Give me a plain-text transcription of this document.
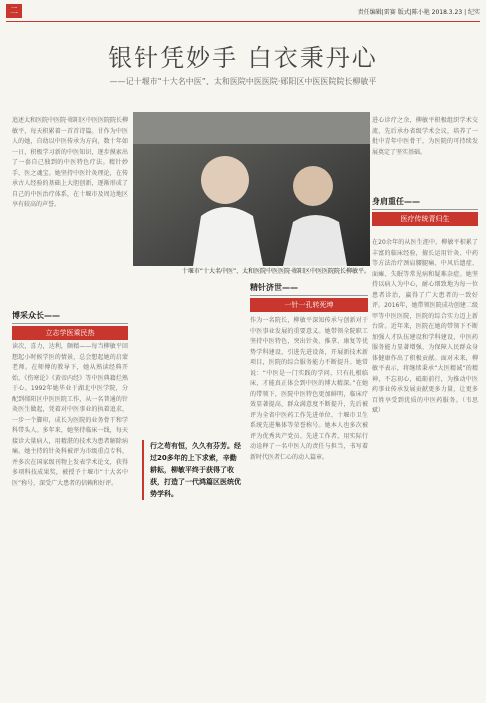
二	责任编辑|雷赛 版式|陈小艳 2018.3.23 | 纪实
银针凭妙手 白衣秉丹心
——记十堰市“十大名中医”、太和医院中医医院·郧阳区中医医院院长柳敏平
追述太和医院中医院·郧阳区中医医院院长柳敏平，每天积累着一首首诗篇。甘作为中医人的她，自幼以中医传承为方向，数十年如一日，积极学习新的中医知识，逐步摸索出了一套自己独到的中医特色疗法。精针妙手，医之魂宝。她坚持中医针灸理论，在传承古人经验的基础上大胆创新，逐渐形成了自己的中医治疗体系，在十堰市及周边地区享有较高的声誉。
十堰市“十大名中医”、太和医院中医医院·郧阳区中医医院院长柳敏平。
博采众长——
立志学医乘民热
读次，喜力，达利，颇精——每当柳敏平回想起小时候学医的情景，总会想起她的启蒙老师。在师傅的教导下，她从熟读经典开始，《伤寒论》《黄帝内经》等中医典籍烂熟于心。1992年她毕业于湖北中医学院，分配到郧阳区中医医院工作，从一名普通的针灸医生做起，凭着对中医事业的执着追求，一步一个脚印，成长为医院的业务骨干和学科带头人。多年来，她坚持临床一线，每天接诊大量病人，用精湛的技术为患者解除病痛。她主持的针灸科被评为市级重点专科，并多次在国家级刊物上发表学术论文，获得多项科技成果奖，被授予十堰市“十大名中医”称号，深受广大患者的信赖和好评。
行之苟有恒，久久有芬芳。经过20多年的上下求索，辛勤耕耘，柳敏平终于获得了收获，打造了一代鸿篇区医统优势学科。
精针济世——
一针一孔转死坤
作为一名院长，柳敏平深知传承与创新对于中医事业发展的重要意义。她带领全院职工坚持中医特色，突出针灸、推拿、康复等优势学科建设，引进先进设备，开展新技术新项目，医院的综合服务能力不断提升。她常说：“中医是一门实践的学问，只有扎根临床，才能真正体会到中医的博大精深。”在她的带领下，医院中医特色更加鲜明，临床疗效显著提高，群众满意度不断提升，先后被评为全省中医药工作先进单位、十堰市卫生系统先进集体等荣誉称号。她本人也多次被评为优秀共产党员、先进工作者，用实际行动诠释了一名中医人的责任与担当，书写着新时代医者仁心的动人篇章。
进心诊疗之余，柳敏平积极组织学术交流，先后承办省级学术会议，培养了一批中青年中医骨干，为医院的可持续发展奠定了坚实基础。
身肩重任——
医疗传统青归生
在20余年的从医生涯中，柳敏平积累了丰富的临床经验，擅长运用针灸、中药等方法治疗颈肩腰腿痛、中风后遗症、面瘫、失眠等常见病和疑难杂症。她坚持以病人为中心，耐心细致地为每一位患者诊治，赢得了广大患者的一致好评。2016年，她带领医院成功创建二级甲等中医医院，医院的综合实力迈上新台阶。近年来，医院在她的带领下不断加强人才队伍建设和学科建设，中医药服务能力显著增强，为保障人民群众身体健康作出了积极贡献。面对未来，柳敏平表示，将继续秉承“大医精诚”的精神，不忘初心，砥砺前行，为推动中医药事业传承发展贡献更多力量，让更多百姓享受到优质的中医药服务。（韦思斌）
